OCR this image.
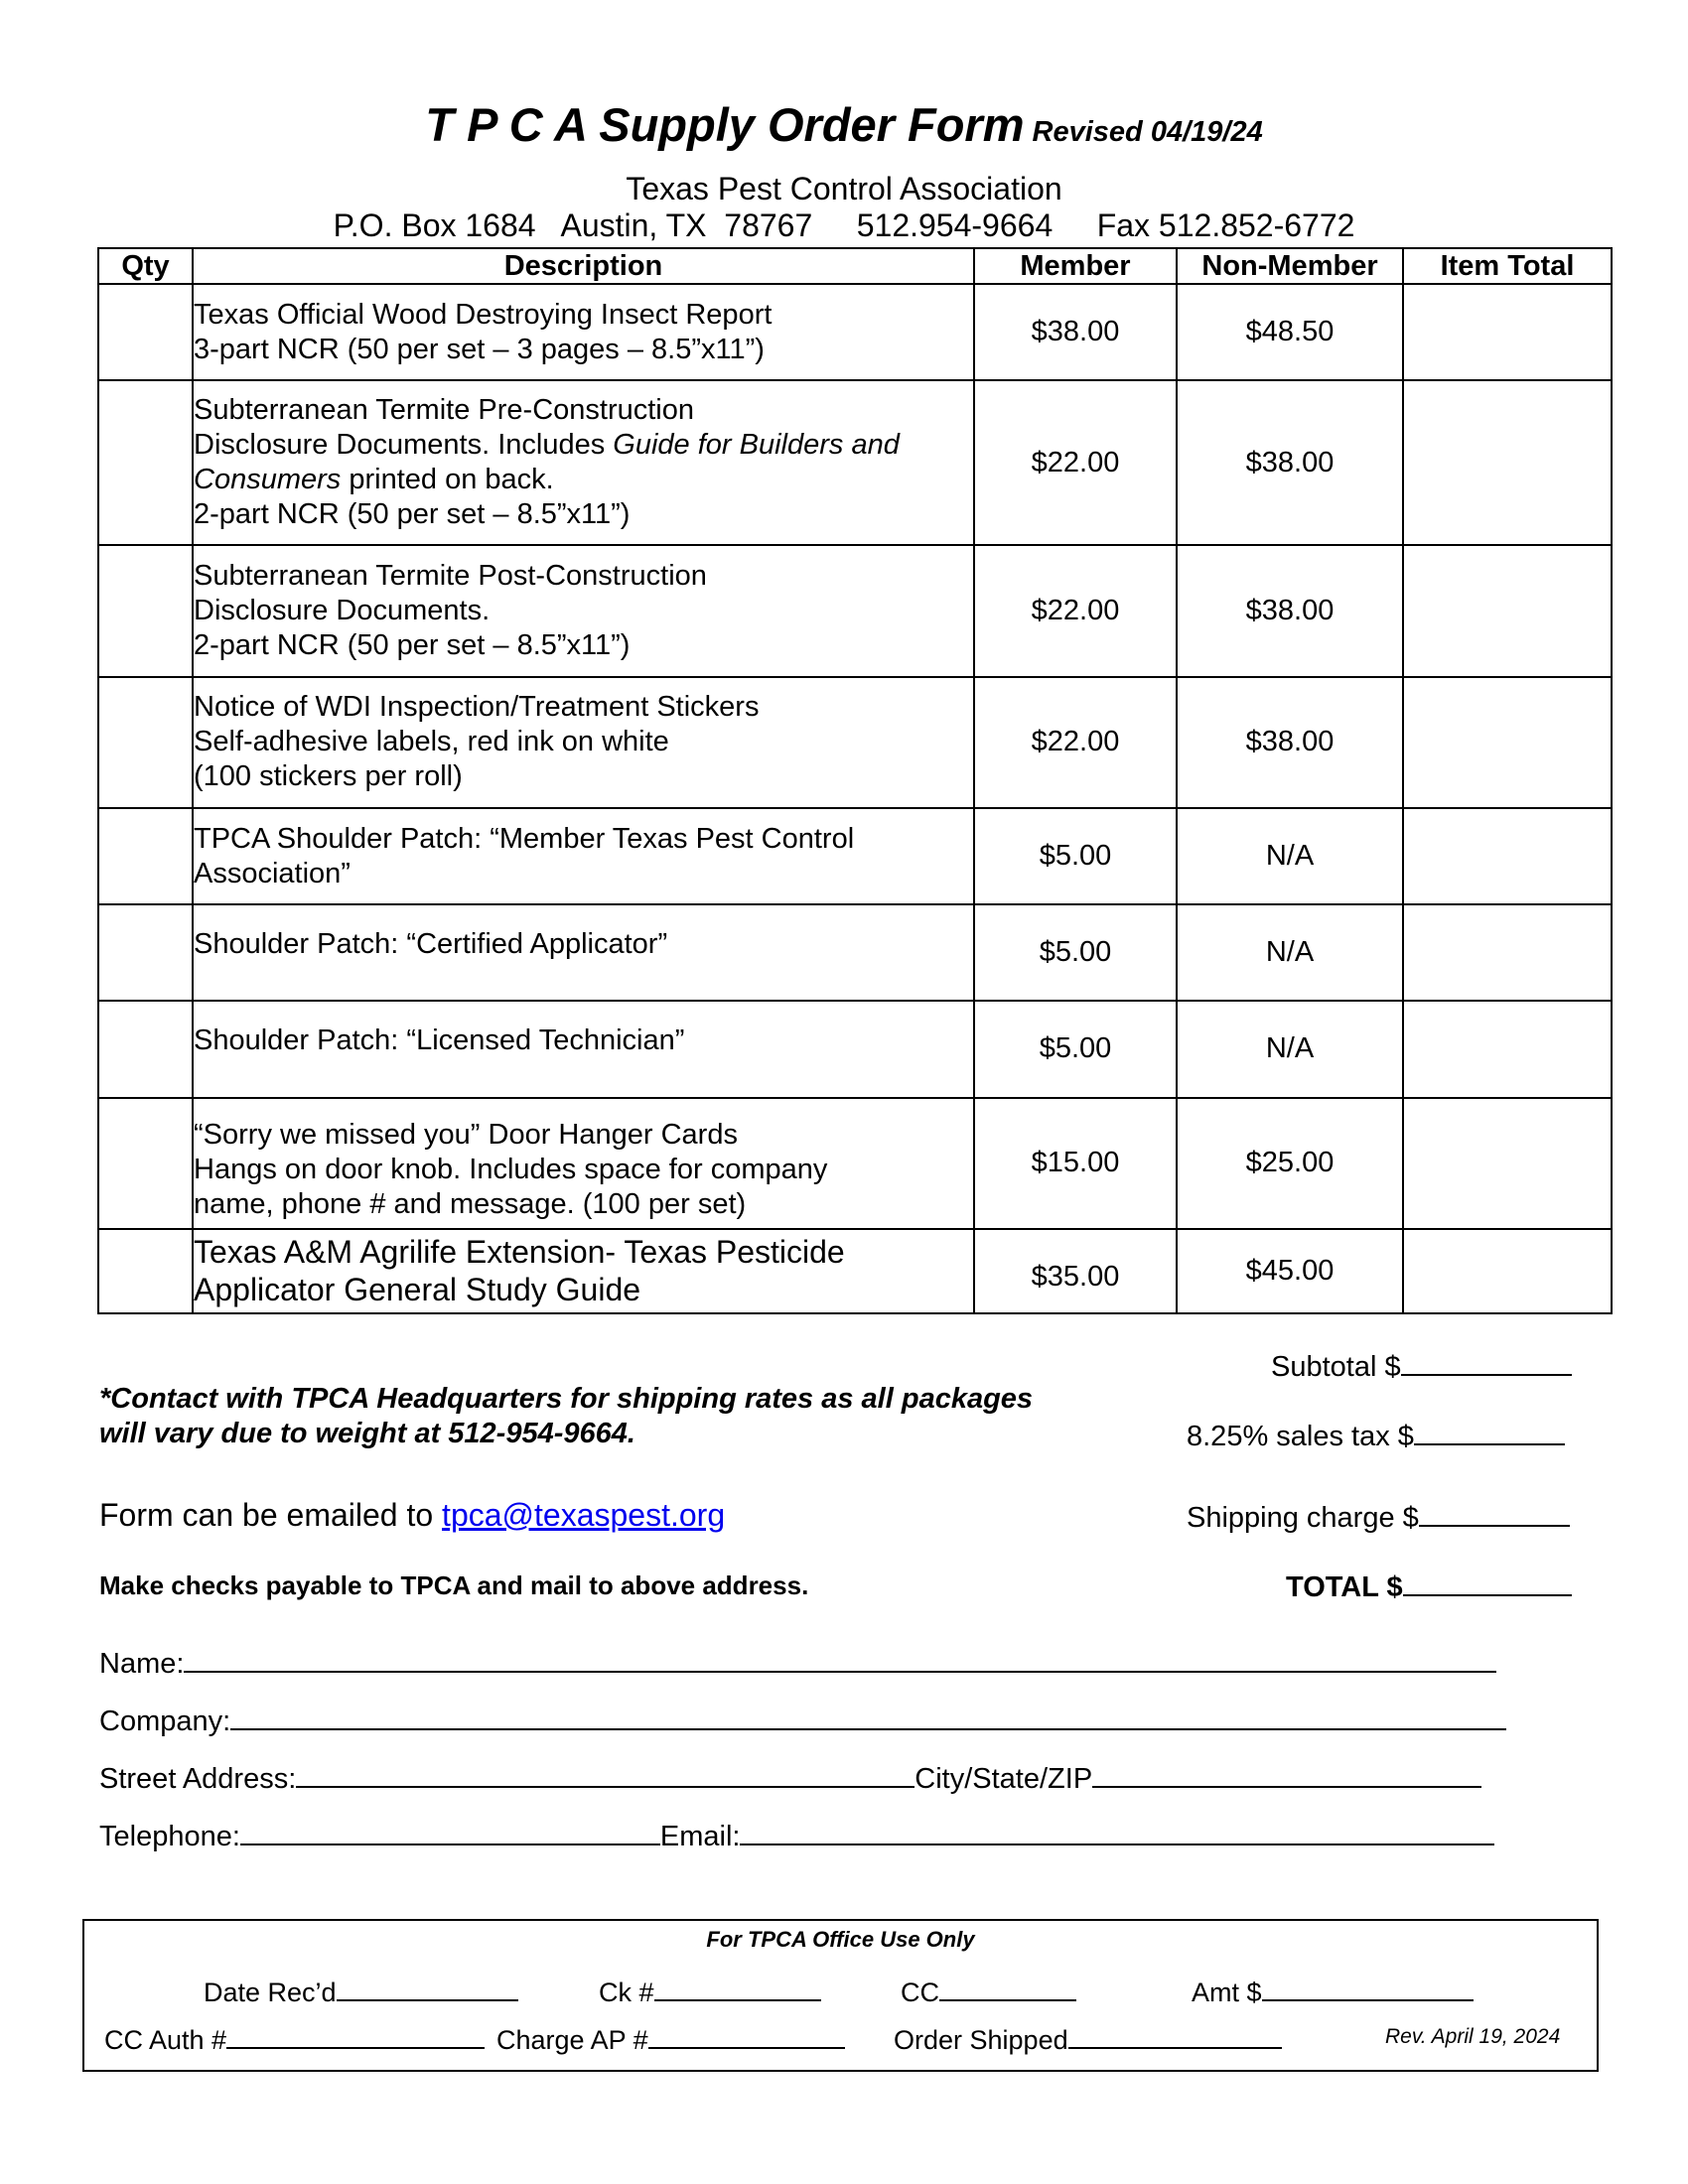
T P C A Supply Order Form Revised 04/19/24
Texas Pest Control Association
P.O. Box 1684   Austin, TX  78767     512.954-9664     Fax 512.852-6772
Qty	Description	Member	Non-Member	Item Total

	Texas Official Wood Destroying Insect Report
3-part NCR (50 per set – 3 pages – 8.5”x11”)	$38.00	$48.50	

	Subterranean Termite Pre-Construction
Disclosure Documents. Includes Guide for Builders and
Consumers printed on back.
2-part NCR (50 per set – 8.5”x11”)	$22.00	$38.00	

	Subterranean Termite Post-Construction
Disclosure Documents.
2-part NCR (50 per set – 8.5”x11”)	$22.00	$38.00	

	Notice of WDI Inspection/Treatment Stickers
Self-adhesive labels, red ink on white
(100 stickers per roll)	$22.00	$38.00	

	TPCA Shoulder Patch: “Member Texas Pest Control
Association”	$5.00	N/A	

	Shoulder Patch: “Certified Applicator”	$5.00	N/A	

	Shoulder Patch: “Licensed Technician”	$5.00	N/A	

	“Sorry we missed you” Door Hanger Cards
Hangs on door knob. Includes space for company
name, phone # and message. (100 per set)	$15.00	$25.00	

	Texas A&M Agrilife Extension- Texas Pesticide
Applicator General Study Guide	$35.00	$45.00	
Subtotal $
8.25% sales tax $
Shipping charge $
TOTAL $
*Contact with TPCA Headquarters for shipping rates as all packages
will vary due to weight at 512-954-9664.
Form can be emailed to tpca@texaspest.org
Make checks payable to TPCA and mail to above address.
Name:
Company:
Street Address:	City/State/ZIP
Telephone:	Email:
For TPCA Office Use Only
Date Rec’d	Ck #	CC	Amt $
CC Auth #	Charge AP #	Order Shipped	Rev. April 19, 2024
